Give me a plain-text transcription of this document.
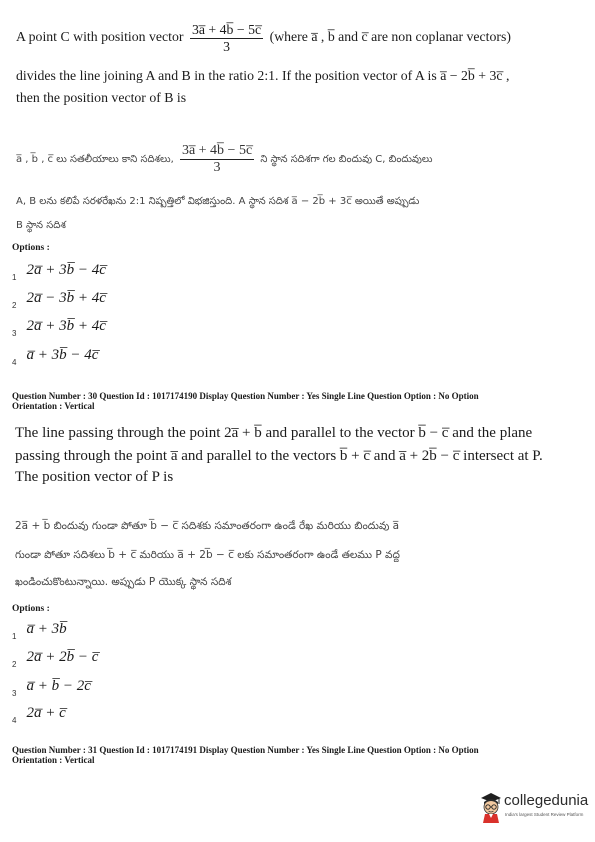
A point C with position vector $\frac{3a̅ + 4b̅ - 5c̅}{3}$ (where a̅ , b̅ and c̅ are non coplanar vectors)
divides the line joining A and B in the ratio 2:1. If the position vector of A is a̅ − 2b̅ + 3c̅ ,
then the position vector of B is
a̅ , b̅ , c̅ లు సతలీయాలు కాని సదిశలు, $\frac{3a̅ + 4b̅ - 5c̅}{3}$ ని స్థాన సదిశగా గల బిందువు C, బిందువులు
A, B లను కలిపే సరళరేఖను 2:1 నిష్పత్తిలో విభజిస్తుంది. A స్థాన సదిశ a̅ − 2b̅ + 3c̅ అయితే అప్పుడు
B స్థాన సదిశ
Options :
$_1$ 2a̅ + 3b̅ − 4c̅
$_2$ 2a̅ − 3b̅ + 4c̅
$_3$ 2a̅ + 3b̅ + 4c̅
$_4$ a̅ + 3b̅ − 4c̅
Question Number : 30 Question Id : 1017174190 Display Question Number : Yes Single Line Question Option : No Option
Orientation : Vertical
The line passing through the point 2a̅ + b̅ and parallel to the vector b̅ − c̅ and the plane
passing through the point a̅ and parallel to the vectors b̅ + c̅ and a̅ + 2b̅ − c̅ intersect at P.
The position vector of P is
2a̅ + b̅ బిందువు గుండా పోతూ b̅ − c̅ సదిశకు సమాంతరంగా ఉండే రేఖ మరియు బిందువు a̅
గుండా పోతూ సదిశలు b̅ + c̅ మరియు a̅ + 2b̅ − c̅ లకు సమాంతరంగా ఉండే తలము P వద్ద
ఖండించుకొంటున్నాయి. అప్పుడు P యొక్క స్థాన సదిశ
Options :
$_1$ a̅ + 3b̅
$_2$ 2a̅ + 2b̅ − c̅
$_3$ a̅ + b̅ − 2c̅
$_4$ 2a̅ + c̅
Question Number : 31 Question Id : 1017174191 Display Question Number : Yes Single Line Question Option : No Option
Orientation : Vertical
collegedunia
India's largest Student Review Platform
